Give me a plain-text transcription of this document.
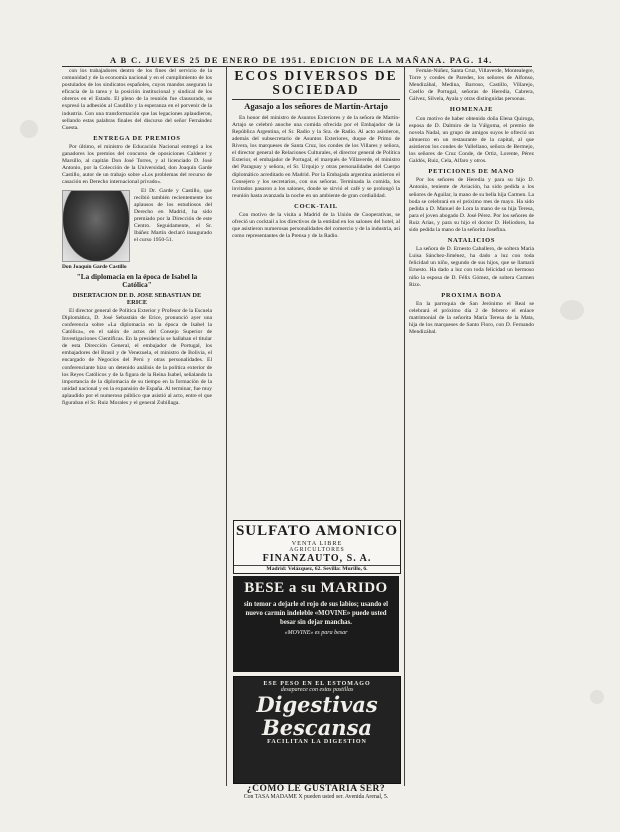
A B C. JUEVES 25 DE ENERO DE 1951. EDICION DE LA MAÑANA. PAG. 14.

con los trabajadores dentro de los fines del servicio de la comunidad y de la economía nacional y en el cumplimiento de los postulados de los sindicatos españoles, cuyos mandos aseguran la eficacia de la tarea y la posición institucional y sindical de los obreros en el Estado. El pleno de la reunión fue clausurado, se expresó la adhesión al Caudillo y la esperanza en el porvenir de la industria. Con una transformación que las legaciones aplaudieron, sellando estas palabras finales del discurso del señor Fernández Cuesta.

ENTREGA DE PREMIOS

Por último, el ministro de Educación Nacional entregó a los ganadores los premios del concurso de oposiciones Calderer y Marsillo, al capitán Don José Torres, y al licenciado D. José Antonio, por la Colección de la Universidad, don Joaquín Garde Castillo, autor de un trabajo sobre «Los problemas del recurso de casación en Derecho internacional privado».

El Dr. Garde y Castillo, que recibió también recientemente los aplausos de los estudiosos del Derecho en Madrid, ha sido premiado por la Dirección de este Centro. Seguidamente, el Sr. Ibáñez Martín declaró inaugurado el curso 1950-51.

Don Joaquín Garde Castillo
"La diplomacia en la época de Isabel la Católica"
DISERTACION DE D. JOSE SEBASTIAN DE ERICE

El director general de Política Exterior y Profesor de la Escuela Diplomática, D. José Sebastián de Erice, pronunció ayer una conferencia sobre «La diplomacia en la época de Isabel la Católica», en el salón de actos del Consejo Superior de Investigaciones Científicas. En la presidencia se hallaban el titular de esta Dirección General, el embajador de Portugal, los embajadores del Brasil y de Venezuela, el ministro de Bolivia, el encargado de Negocios del Perú y otras personalidades. El conferenciante hizo un detenido análisis de la política exterior de los Reyes Católicos y de la figura de la Reina Isabel, señalando la importancia de la diplomacia de su tiempo en la formación de la unidad nacional y en la expansión de España. Al terminar, fue muy aplaudido por el numeroso público que asistió al acto, entre el que figuraban el Sr. Ruiz Morales y el general Zubillaga.

ECOS DIVERSOS DE SOCIEDAD
Agasajo a los señores de Martín-Artajo

En honor del ministro de Asuntos Exteriores y de la señora de Martín-Artajo se celebró anoche una comida ofrecida por el Embajador de la República Argentina, el Sr. Radio y la Sra. de Radio. Al acto asistieron, además del subsecretario de Asuntos Exteriores, duque de Primo de Rivera, los marqueses de Santa Cruz, los condes de los Villares y señora, el director general de Relaciones Culturales, el director general de Política Exterior, el embajador de Portugal, el marqués de Villaverde, el ministro del Paraguay y señora, el Sr. Urquijo y otras personalidades del Cuerpo diplomático acreditado en Madrid. Por la Embajada argentina asistieron el Consejero y los secretarios, con sus señoras. Terminada la comida, los invitados pasaron a los salones, donde se sirvió el café y se prolongó la reunión hasta avanzada la noche en un ambiente de gran cordialidad.

COCK-TAIL

Con motivo de la visita a Madrid de la Unión de Cooperativas, se ofreció un cocktail a los directivos de la entidad en los salones del hotel, al que asistieron numerosas personalidades del comercio y de la industria, así como representantes de la Prensa y de la Radio.

SULFATO AMONICO
VENTA LIBRE
AGRICULTORES
FINANZAUTO, S. A.
Madrid: Velázquez, 62. Sevilla: Murillo, 6.
BESE a su MARIDO
sin temor a dejarle el rojo de sus labios; usando el nuevo carmín indeleble «MOVINE» puede usted besar sin dejar manchas.
«MOVINE» es para besar
ESE PESO EN EL ESTOMAGO
desaparece con estas pastillas
Digestivas Bescansa
FACILITAN LA DIGESTION
¿COMO LE GUSTARIA SER?
Con TASA MADAME X pueden usted ser. Avenida Arenal, 5.

Fernán-Núñez, Santa Cruz, Villaverde, Montealegre, Torre y condes de Paredes, los señores de Alfonso, Mendizábal, Medina, Barroso, Castillo, Villarejo, Coello de Portugal, señoras de Heredia, Cabrera, Gálvez, Silvela, Ayala y otras distinguidas personas.

HOMENAJE

Con motivo de haber obtenido doña Elena Quiroga, esposa de D. Dalmiro de la Válgoma, el premio de novela Nadal, un grupo de amigos suyos le ofreció un almuerzo en un restaurante de la capital, al que asistieron los condes de Vallellano, señora de Bermejo, los señores de Cruz Conde, de Ortiz, Lorente, Pérez Galdós, Ruiz, Cela, Alfaro y otros.

PETICIONES DE MANO

Por los señores de Heredia y para su hijo D. Antonio, teniente de Aviación, ha sido pedida a los señores de Aguilar, la mano de su bella hija Carmen. La boda se celebrará en el próximo mes de mayo. Ha sido pedida a D. Manuel de Lora la mano de su hija Teresa, para el joven abogado D. José Pérez. Por los señores de Ruiz Arias, y para su hijo el doctor D. Heliodoro, ha sido pedida la mano de la señorita Josefina.

NATALICIOS

La señora de D. Ernesto Caballero, de soltera María Luisa Sánchez-Jiménez, ha dado a luz con toda felicidad un niño, segundo de sus hijos, que se llamará Ernesto. Ha dado a luz con toda felicidad un hermoso niño la esposa de D. Félix Gómez, de soltera Carmen Rizo.

PROXIMA BODA

En la parroquia de San Jerónimo el Real se celebrará el próximo día 2 de febrero el enlace matrimonial de la señorita María Teresa de la Mata, hija de los marqueses de Santo Floro, con D. Fernando Mendizábal.
